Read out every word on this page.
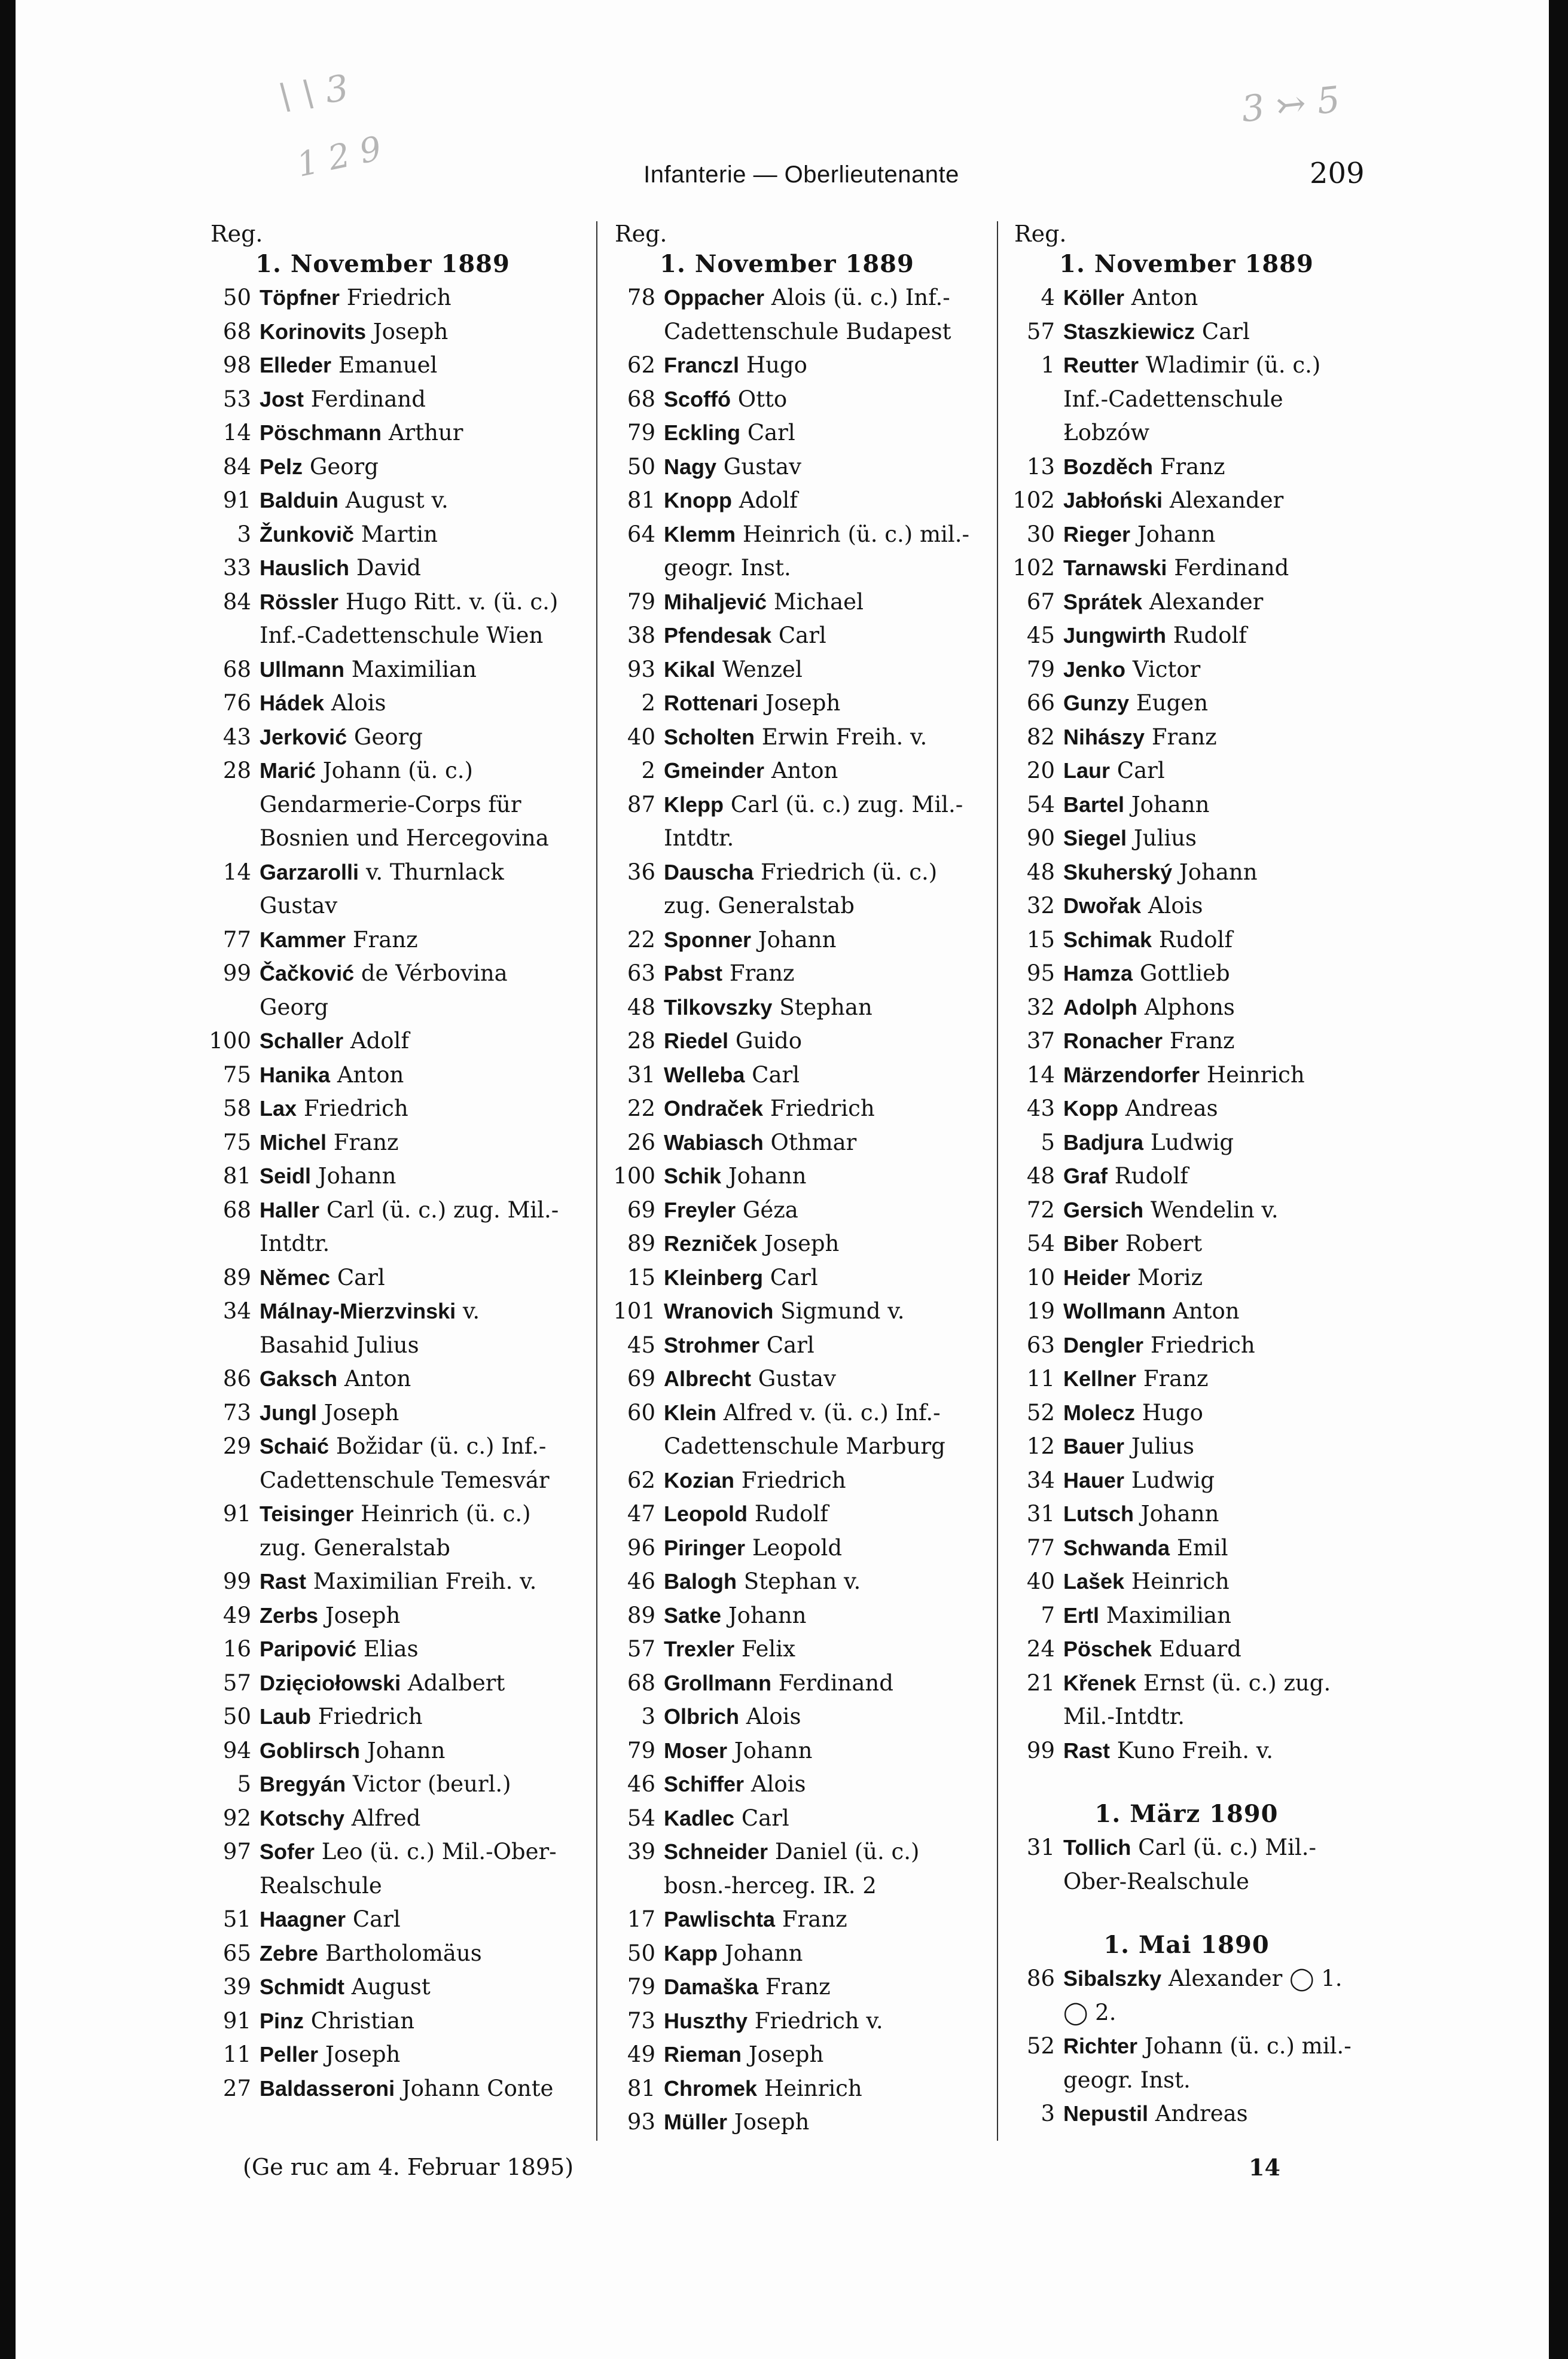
\ \ 3
1 2 9
3 ↣ 5
Infanterie — Oberlieutenante	209
Reg.
1. November 1889
50 Töpfner Friedrich
68 Korinovits Joseph
98 Elleder Emanuel
53 Jost Ferdinand
14 Pöschmann Arthur
84 Pelz Georg
91 Balduin August v.
3 Žunkovič Martin
33 Hauslich David
84 Rössler Hugo Ritt. v. (ü. c.) Inf.-Cadettenschule Wien
68 Ullmann Maximilian
76 Hádek Alois
43 Jerković Georg
28 Marić Johann (ü. c.) Gendarmerie-Corps für Bosnien und Hercegovina
14 Garzarolli v. Thurnlack Gustav
77 Kammer Franz
99 Čačković de Vérbovina Georg
100 Schaller Adolf
75 Hanika Anton
58 Lax Friedrich
75 Michel Franz
81 Seidl Johann
68 Haller Carl (ü. c.) zug. Mil.-Intdtr.
89 Němec Carl
34 Málnay-Mierzvinski v. Basahid Julius
86 Gaksch Anton
73 Jungl Joseph
29 Schaić Božidar (ü. c.) Inf.-Cadettenschule Temesvár
91 Teisinger Heinrich (ü. c.) zug. Generalstab
99 Rast Maximilian Freih. v.
49 Zerbs Joseph
16 Paripović Elias
57 Dzięciołowski Adalbert
50 Laub Friedrich
94 Goblirsch Johann
5 Bregyán Victor (beurl.)
92 Kotschy Alfred
97 Sofer Leo (ü. c.) Mil.-Ober-Realschule
51 Haagner Carl
65 Zebre Bartholomäus
39 Schmidt August
91 Pinz Christian
11 Peller Joseph
27 Baldasseroni Johann Conte
Reg.
1. November 1889
78 Oppacher Alois (ü. c.) Inf.-Cadettenschule Budapest
62 Franczl Hugo
68 Scoffó Otto
79 Eckling Carl
50 Nagy Gustav
81 Knopp Adolf
64 Klemm Heinrich (ü. c.) mil.-geogr. Inst.
79 Mihaljević Michael
38 Pfendesak Carl
93 Kikal Wenzel
2 Rottenari Joseph
40 Scholten Erwin Freih. v.
2 Gmeinder Anton
87 Klepp Carl (ü. c.) zug. Mil.-Intdtr.
36 Dauscha Friedrich (ü. c.) zug. Generalstab
22 Sponner Johann
63 Pabst Franz
48 Tilkovszky Stephan
28 Riedel Guido
31 Welleba Carl
22 Ondraček Friedrich
26 Wabiasch Othmar
100 Schik Johann
69 Freyler Géza
89 Rezniček Joseph
15 Kleinberg Carl
101 Wranovich Sigmund v.
45 Strohmer Carl
69 Albrecht Gustav
60 Klein Alfred v. (ü. c.) Inf.-Cadettenschule Marburg
62 Kozian Friedrich
47 Leopold Rudolf
96 Piringer Leopold
46 Balogh Stephan v.
89 Satke Johann
57 Trexler Felix
68 Grollmann Ferdinand
3 Olbrich Alois
79 Moser Johann
46 Schiffer Alois
54 Kadlec Carl
39 Schneider Daniel (ü. c.) bosn.-herceg. IR. 2
17 Pawlischta Franz
50 Kapp Johann
79 Damaška Franz
73 Huszthy Friedrich v.
49 Rieman Joseph
81 Chromek Heinrich
93 Müller Joseph
Reg.
1. November 1889
4 Köller Anton
57 Staszkiewicz Carl
1 Reutter Wladimir (ü. c.) Inf.-Cadettenschule Łobzów
13 Bozděch Franz
102 Jabłoński Alexander
30 Rieger Johann
102 Tarnawski Ferdinand
67 Sprátek Alexander
45 Jungwirth Rudolf
79 Jenko Victor
66 Gunzy Eugen
82 Nihászy Franz
20 Laur Carl
54 Bartel Johann
90 Siegel Julius
48 Skuherský Johann
32 Dwořak Alois
15 Schimak Rudolf
95 Hamza Gottlieb
32 Adolph Alphons
37 Ronacher Franz
14 Märzendorfer Heinrich
43 Kopp Andreas
5 Badjura Ludwig
48 Graf Rudolf
72 Gersich Wendelin v.
54 Biber Robert
10 Heider Moriz
19 Wollmann Anton
63 Dengler Friedrich
11 Kellner Franz
52 Molecz Hugo
12 Bauer Julius
34 Hauer Ludwig
31 Lutsch Johann
77 Schwanda Emil
40 Lašek Heinrich
7 Ertl Maximilian
24 Pöschek Eduard
21 Křenek Ernst (ü. c.) zug. Mil.-Intdtr.
99 Rast Kuno Freih. v.
1. März 1890
31 Tollich Carl (ü. c.) Mil.-Ober-Realschule
1. Mai 1890
86 Sibalszky Alexander ◯ 1. ◯ 2.
52 Richter Johann (ü. c.) mil.-geogr. Inst.
3 Nepustil Andreas
(Ge ruc am 4. Februar 1895)	14
